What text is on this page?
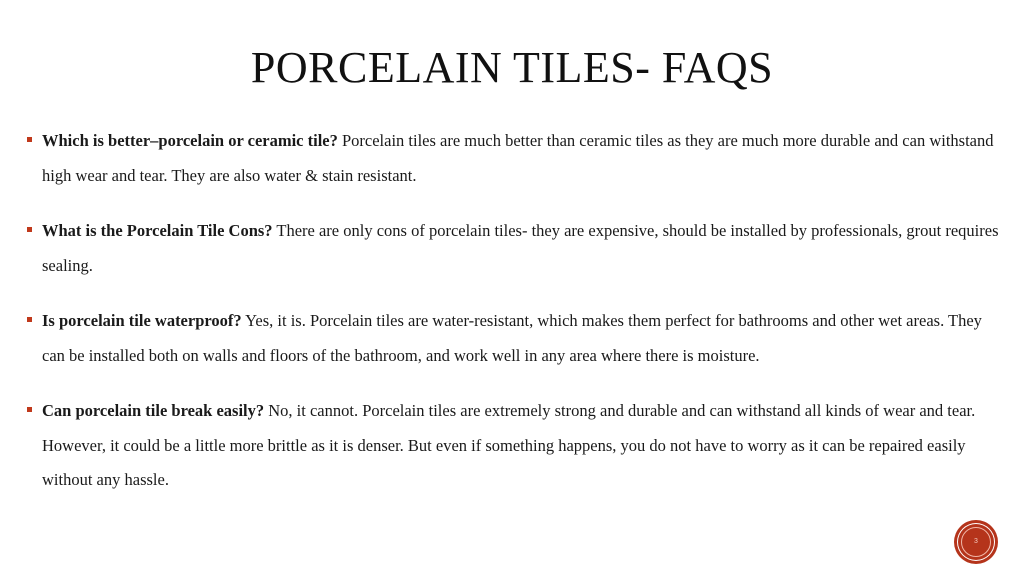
PORCELAIN TILES- FAQS
Which is better–porcelain or ceramic tile? Porcelain tiles are much better than ceramic tiles as they are much more durable and can withstand high wear and tear. They are also water & stain resistant.
What is the Porcelain Tile Cons? There are only cons of porcelain tiles- they are expensive, should be installed by professionals, grout requires sealing.
Is porcelain tile waterproof? Yes, it is. Porcelain tiles are water-resistant, which makes them perfect for bathrooms and other wet areas. They can be installed both on walls and floors of the bathroom, and work well in any area where there is moisture.
Can porcelain tile break easily? No, it cannot. Porcelain tiles are extremely strong and durable and can withstand all kinds of wear and tear. However, it could be a little more brittle as it is denser. But even if something happens, you do not have to worry as it can be repaired easily without any hassle.
3
